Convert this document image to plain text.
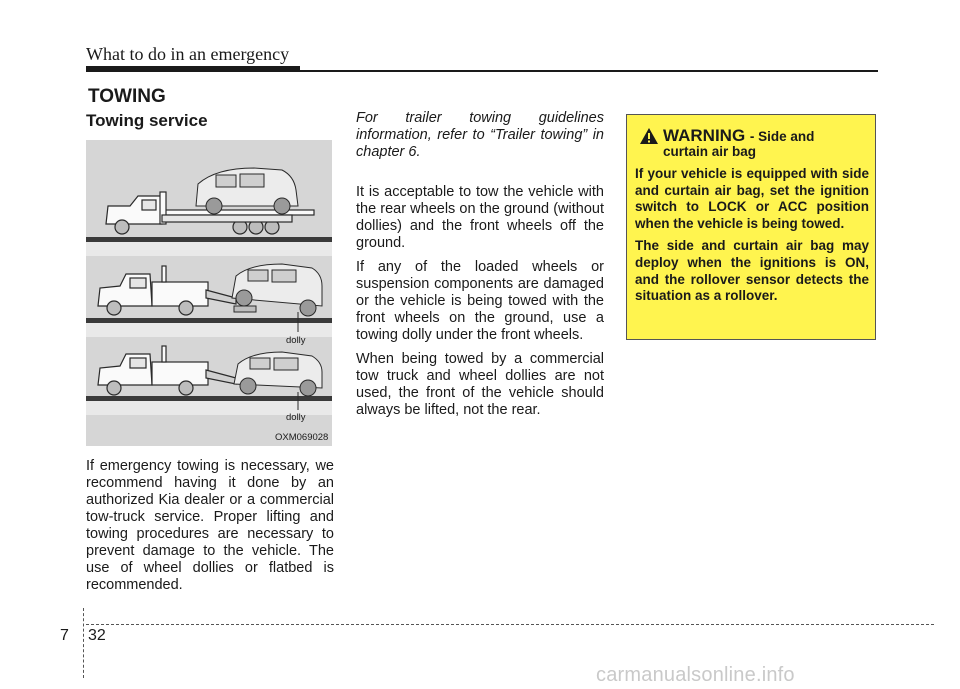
What to do in an emergency
TOWING
Towing service
dolly
dolly
OXM069028
If emergency towing is necessary, we recommend having it done by an authorized Kia dealer or a commercial tow-truck service. Proper lifting and towing procedures are necessary to prevent damage to the vehicle. The use of wheel dollies or flatbed is recommended.
For trailer towing guidelines information, refer to “Trailer towing” in chapter 6.

It is acceptable to tow the vehicle with the rear wheels on the ground (without dollies) and the front wheels off the ground.

If any of the loaded wheels or suspension components are damaged or the vehicle is being towed with the front wheels on the ground, use a towing dolly under the front wheels.

When being towed by a commercial tow truck and wheel dollies are not used, the front of the vehicle should always be lifted, not the rear.

WARNING - Side and
curtain air bag

If your vehicle is equipped with side and curtain air bag, set the ignition switch to LOCK or ACC position when the vehicle is being towed.

The side and curtain air bag may deploy when the ignitions is ON, and the rollover sensor detects the situation as a rollover.

7 32
carmanualsonline.info
